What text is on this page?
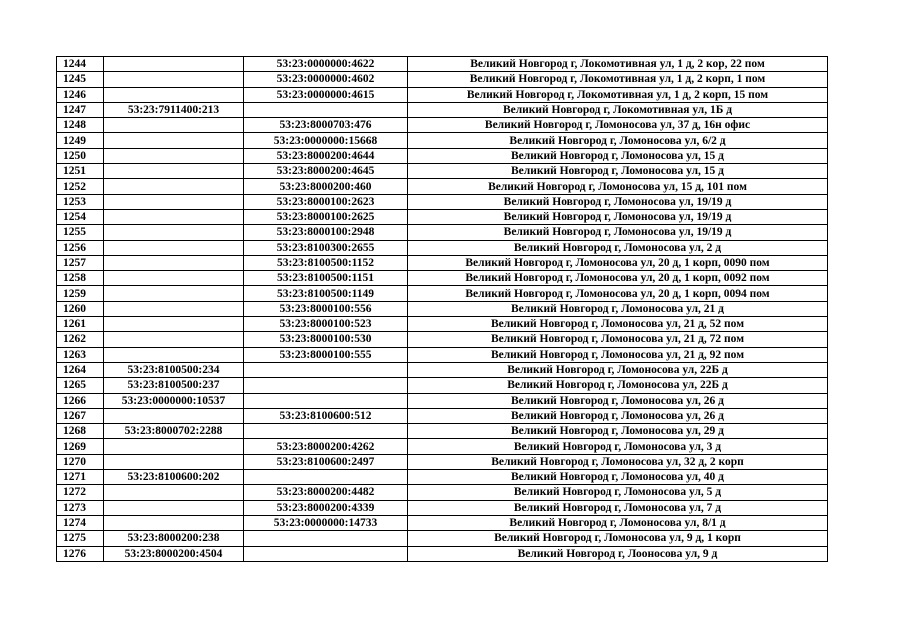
1244		53:23:0000000:4622	Великий Новгород г, Локомотивная ул, 1 д, 2 кор, 22 пом
1245		53:23:0000000:4602	Великий Новгород г, Локомотивная ул, 1 д, 2 корп, 1 пом
1246		53:23:0000000:4615	Великий Новгород г, Локомотивная ул, 1 д, 2 корп, 15 пом
1247	53:23:7911400:213		Великий Новгород г, Локомотивная ул, 1Б д
1248		53:23:8000703:476	Великий Новгород г, Ломоносова ул, 37 д, 16н офис
1249		53:23:0000000:15668	Великий Новгород г, Ломоносова ул, 6/2 д
1250		53:23:8000200:4644	Великий Новгород г, Ломоносова ул, 15 д
1251		53:23:8000200:4645	Великий Новгород г, Ломоносова ул, 15 д
1252		53:23:8000200:460	Великий Новгород г, Ломоносова ул, 15 д, 101 пом
1253		53:23:8000100:2623	Великий Новгород г, Ломоносова ул, 19/19 д
1254		53:23:8000100:2625	Великий Новгород г, Ломоносова ул, 19/19 д
1255		53:23:8000100:2948	Великий Новгород г, Ломоносова ул, 19/19 д
1256		53:23:8100300:2655	Великий Новгород г, Ломоносова ул, 2 д
1257		53:23:8100500:1152	Великий Новгород г, Ломоносова ул, 20 д, 1 корп, 0090 пом
1258		53:23:8100500:1151	Великий Новгород г, Ломоносова ул, 20 д, 1 корп, 0092 пом
1259		53:23:8100500:1149	Великий Новгород г, Ломоносова ул, 20 д, 1 корп, 0094 пом
1260		53:23:8000100:556	Великий Новгород г, Ломоносова ул, 21 д
1261		53:23:8000100:523	Великий Новгород г, Ломоносова ул, 21 д, 52 пом
1262		53:23:8000100:530	Великий Новгород г, Ломоносова ул, 21 д, 72 пом
1263		53:23:8000100:555	Великий Новгород г, Ломоносова ул, 21 д, 92 пом
1264	53:23:8100500:234		Великий Новгород г, Ломоносова ул, 22Б д
1265	53:23:8100500:237		Великий Новгород г, Ломоносова ул, 22Б д
1266	53:23:0000000:10537		Великий Новгород г, Ломоносова ул, 26 д
1267		53:23:8100600:512	Великий Новгород г, Ломоносова ул, 26 д
1268	53:23:8000702:2288		Великий Новгород г, Ломоносова ул, 29 д
1269		53:23:8000200:4262	Великий Новгород г, Ломоносова ул, 3 д
1270		53:23:8100600:2497	Великий Новгород г, Ломоносова ул, 32 д, 2 корп
1271	53:23:8100600:202		Великий Новгород г, Ломоносова ул, 40 д
1272		53:23:8000200:4482	Великий Новгород г, Ломоносова ул, 5 д
1273		53:23:8000200:4339	Великий Новгород г, Ломоносова ул, 7 д
1274		53:23:0000000:14733	Великий Новгород г, Ломоносова ул, 8/1 д
1275	53:23:8000200:238		Великий Новгород г, Ломоносова ул, 9 д, 1 корп
1276	53:23:8000200:4504		Великий Новгород г, Лооносова ул, 9 д
